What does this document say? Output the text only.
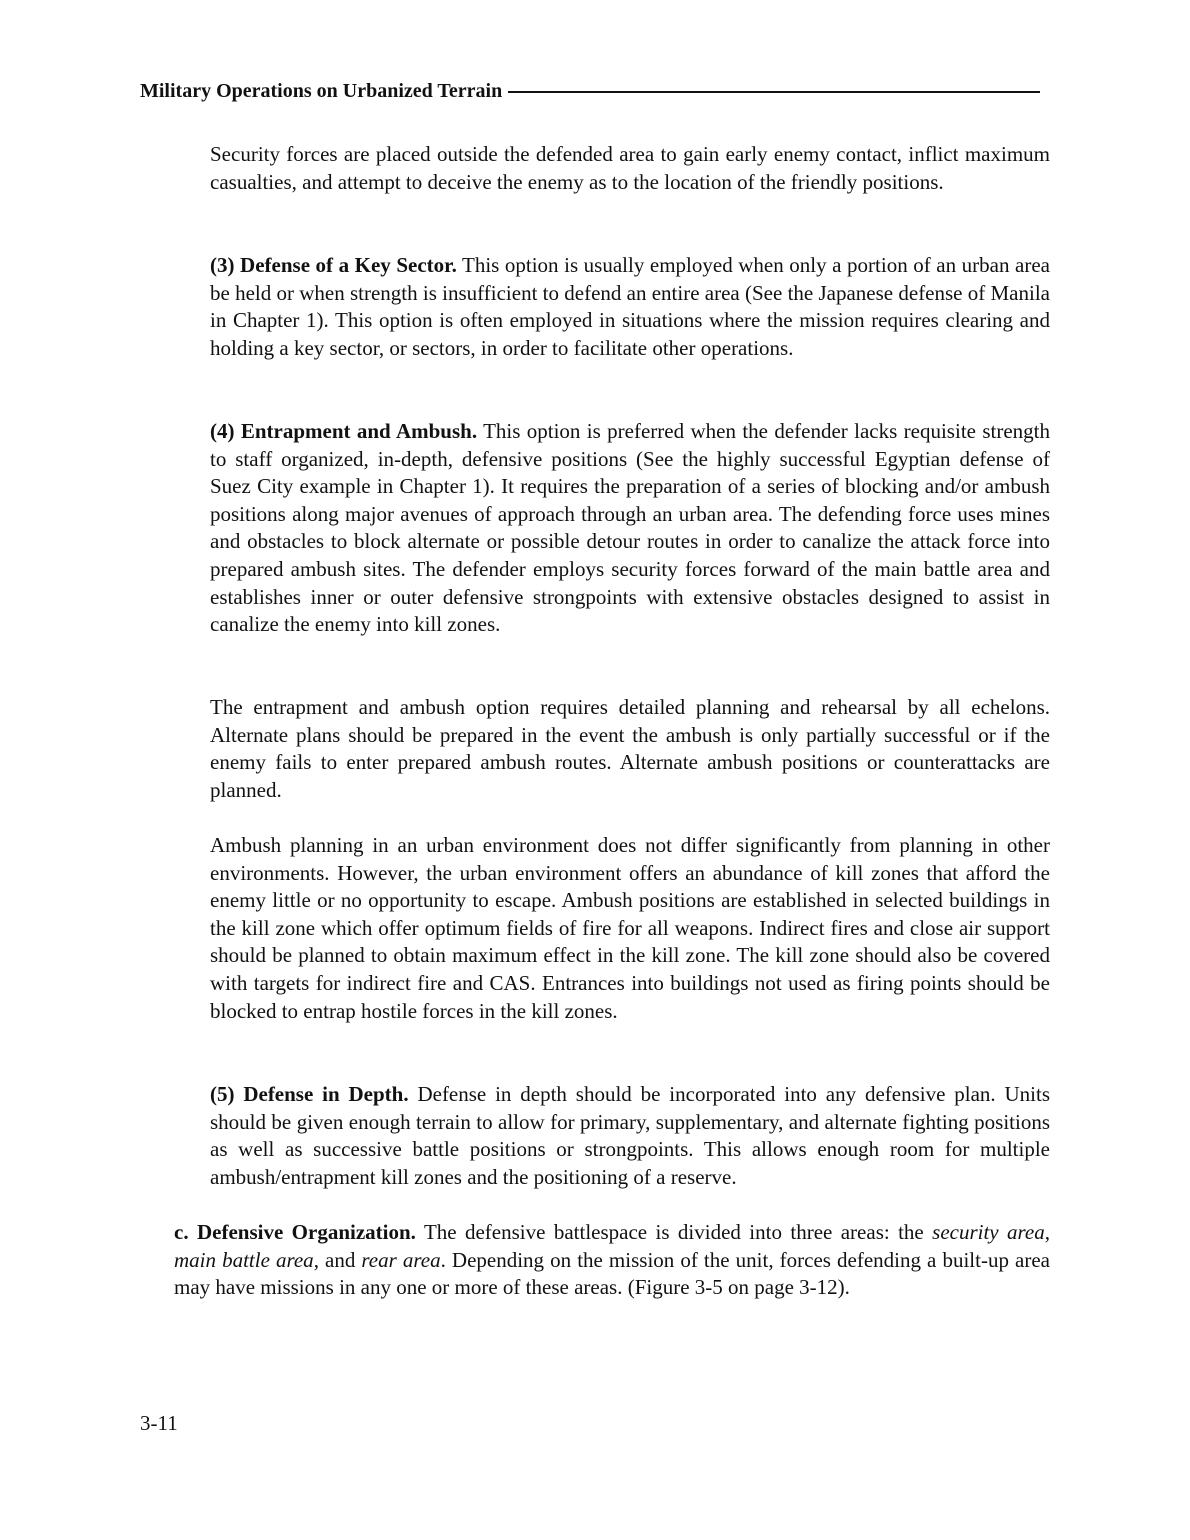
Military Operations on Urbanized Terrain

Security forces are placed outside the defended area to gain early enemy contact, inflict maximum casualties, and attempt to deceive the enemy as to the location of the friendly positions.

(3) Defense of a Key Sector. This option is usually employed when only a portion of an urban area be held or when strength is insufficient to defend an entire area (See the Japanese defense of Manila in Chapter 1). This option is often employed in situations where the mission requires clearing and holding a key sector, or sectors, in order to facilitate other operations.

(4) Entrapment and Ambush. This option is preferred when the defender lacks requisite strength to staff organized, in-depth, defensive positions (See the highly successful Egyptian defense of Suez City example in Chapter 1). It requires the preparation of a series of blocking and/or ambush positions along major avenues of approach through an urban area. The defending force uses mines and obstacles to block alternate or possible detour routes in order to canalize the attack force into prepared ambush sites. The defender employs security forces forward of the main battle area and establishes inner or outer defensive strongpoints with extensive obstacles designed to assist in canalize the enemy into kill zones.

The entrapment and ambush option requires detailed planning and rehearsal by all echelons. Alternate plans should be prepared in the event the ambush is only partially successful or if the enemy fails to enter prepared ambush routes. Alternate ambush positions or counterattacks are planned.

Ambush planning in an urban environment does not differ significantly from planning in other environments. However, the urban environment offers an abundance of kill zones that afford the enemy little or no opportunity to escape. Ambush positions are established in selected buildings in the kill zone which offer optimum fields of fire for all weapons. Indirect fires and close air support should be planned to obtain maximum effect in the kill zone. The kill zone should also be covered with targets for indirect fire and CAS. Entrances into buildings not used as firing points should be blocked to entrap hostile forces in the kill zones.

(5) Defense in Depth. Defense in depth should be incorporated into any defensive plan. Units should be given enough terrain to allow for primary, supplementary, and alternate fighting positions as well as successive battle positions or strongpoints. This allows enough room for multiple ambush/entrapment kill zones and the positioning of a reserve.

c. Defensive Organization. The defensive battlespace is divided into three areas: the security area, main battle area, and rear area. Depending on the mission of the unit, forces defending a built-up area may have missions in any one or more of these areas. (Figure 3-5 on page 3-12).

3-11
